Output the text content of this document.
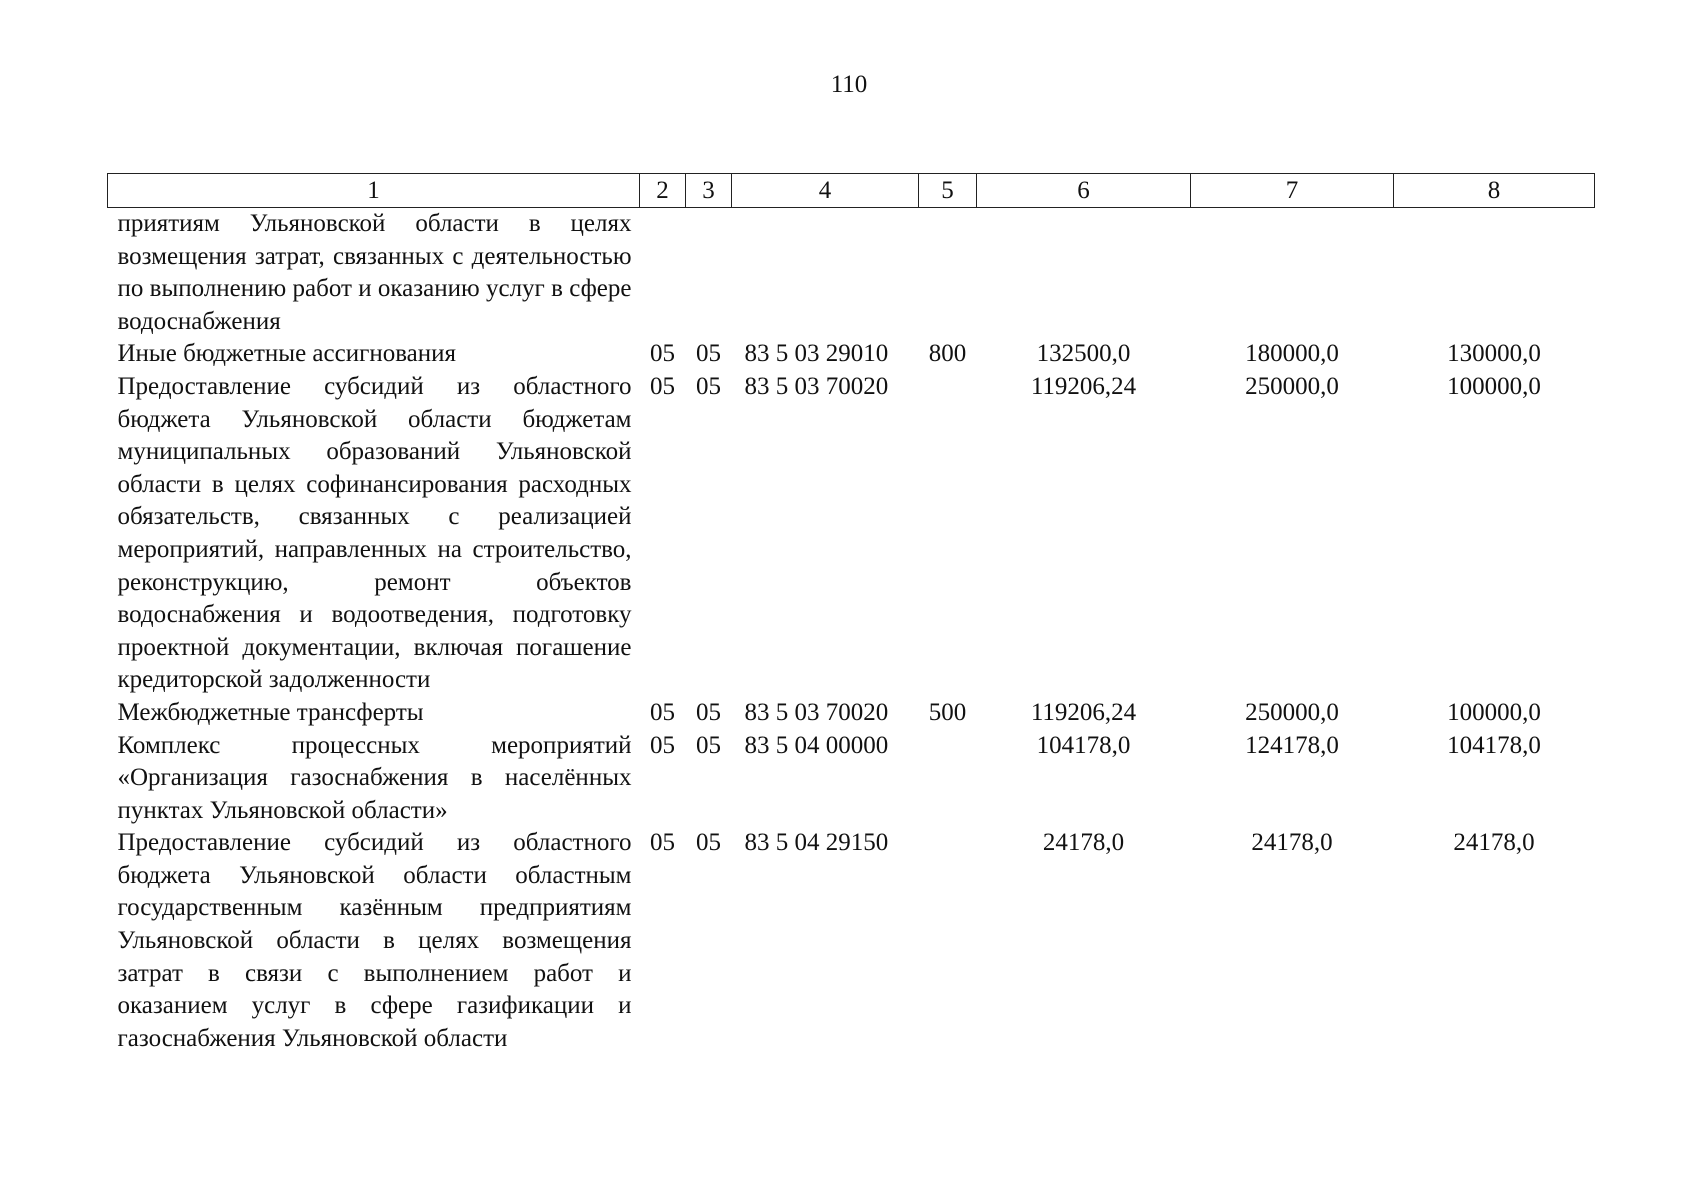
110
1	2	3	4	5	6	7	8
приятиям Ульяновской области в целях возмещения затрат, связанных с деятельностью по выполнению работ и оказанию услуг в сфере водоснабжения							
Иные бюджетные ассигнования	05	05	83 5 03 29010	800	132500,0	180000,0	130000,0
Предоставление субсидий из областного бюджета Ульяновской области бюджетам муниципальных образований Ульяновской области в целях софинансирования расходных обязательств, связанных с реализацией мероприятий, направленных на строительство, реконструкцию, ремонт объектов водоснабжения и водоотведения, подготовку проектной документации, включая погашение кредиторской задолженности	05	05	83 5 03 70020		119206,24	250000,0	100000,0
Межбюджетные трансферты	05	05	83 5 03 70020	500	119206,24	250000,0	100000,0
Комплекс процессных мероприятий «Организация газоснабжения в населённых пунктах Ульяновской области»	05	05	83 5 04 00000		104178,0	124178,0	104178,0
Предоставление субсидий из областного бюджета Ульяновской области областным государственным казённым предприятиям Ульяновской области в целях возмещения затрат в связи с выполнением работ и оказанием услуг в сфере газификации и газоснабжения Ульяновской области	05	05	83 5 04 29150		24178,0	24178,0	24178,0
